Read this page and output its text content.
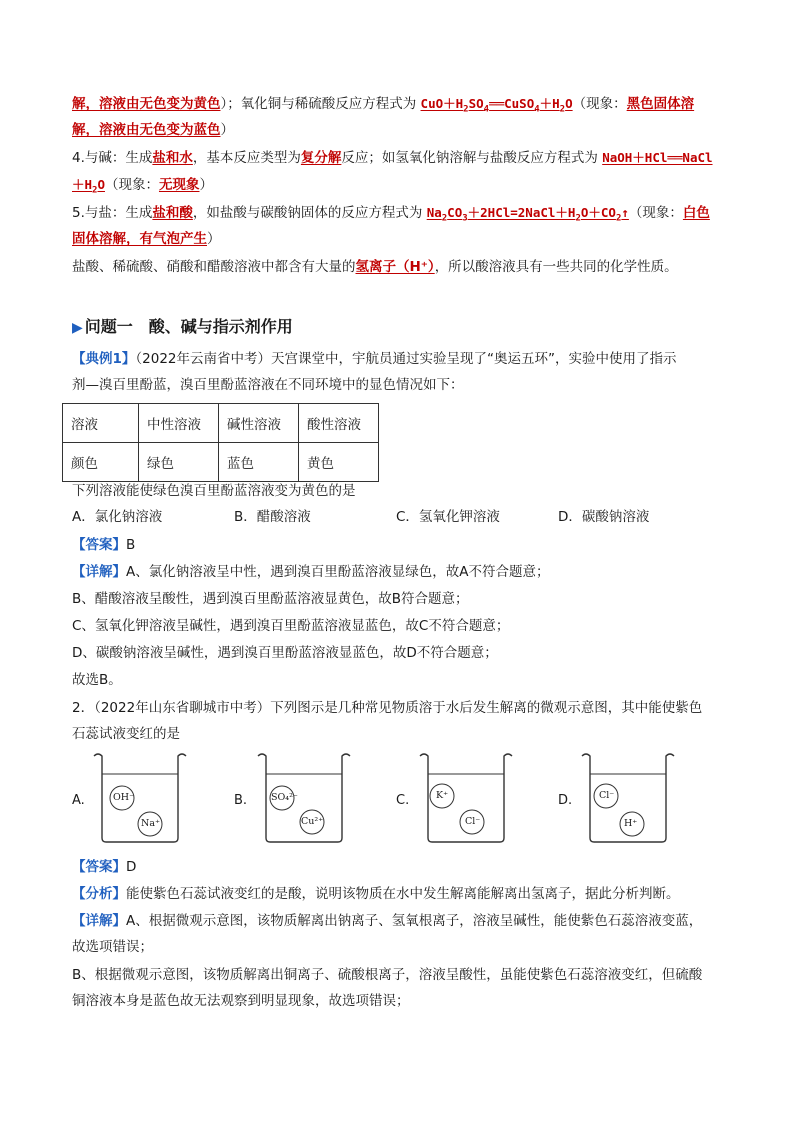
解，溶液由无色变为黄色）；氧化铜与稀硫酸反应方程式为 $CuO+H_2SO_4══CuSO_4+H_2O$（现象：黑色固体溶
解，溶液由无色变为蓝色）
4.与碱：生成盐和水，基本反应类型为复分解反应；如氢氧化钠溶解与盐酸反应方程式为 NaOH＋HCl══NaCl
$+H_2O$（现象：无现象）
5.与盐：生成盐和酸，如盐酸与碳酸钠固体的反应方程式为 $Na_2CO_3+2HCl=2NaCl+H_2O+CO_2↑$（现象：白色
固体溶解，有气泡产生）
盐酸、稀硫酸、硝酸和醋酸溶液中都含有大量的氢离子（H⁺），所以酸溶液具有一些共同的化学性质。
▶ 问题一　酸、碱与指示剂作用
【典例1】（2022年云南省中考）天宫课堂中，宇航员通过实验呈现了“奥运五环”，实验中使用了指示
剂—溴百里酚蓝，溴百里酚蓝溶液在不同环境中的显色情况如下：
溶液	中性溶液	碱性溶液	酸性溶液
颜色	绿色	蓝色	黄色
下列溶液能使绿色溴百里酚蓝溶液变为黄色的是
A．氯化钠溶液	B．醋酸溶液	C．氢氧化钾溶液	D．碳酸钠溶液
【答案】B
【详解】A、氯化钠溶液呈中性，遇到溴百里酚蓝溶液显绿色，故A不符合题意；
B、醋酸溶液呈酸性，遇到溴百里酚蓝溶液显黄色，故B符合题意；
C、氢氧化钾溶液呈碱性，遇到溴百里酚蓝溶液显蓝色，故C不符合题意；
D、碳酸钠溶液呈碱性，遇到溴百里酚蓝溶液显蓝色，故D不符合题意；
故选B。
2．（2022年山东省聊城市中考）下列图示是几种常见物质溶于水后发生解离的微观示意图，其中能使紫色
石蕊试液变红的是
A.	OH⁻
Na⁺
B.	SO₄²⁻
Cu²⁺
C.	K⁺
Cl⁻
D.	Cl⁻
H⁺
【答案】D
【分析】能使紫色石蕊试液变红的是酸，说明该物质在水中发生解离能解离出氢离子，据此分析判断。
【详解】A、根据微观示意图，该物质解离出钠离子、氢氧根离子，溶液呈碱性，能使紫色石蕊溶液变蓝，
故选项错误；
B、根据微观示意图，该物质解离出铜离子、硫酸根离子，溶液呈酸性，虽能使紫色石蕊溶液变红，但硫酸
铜溶液本身是蓝色故无法观察到明显现象，故选项错误；
